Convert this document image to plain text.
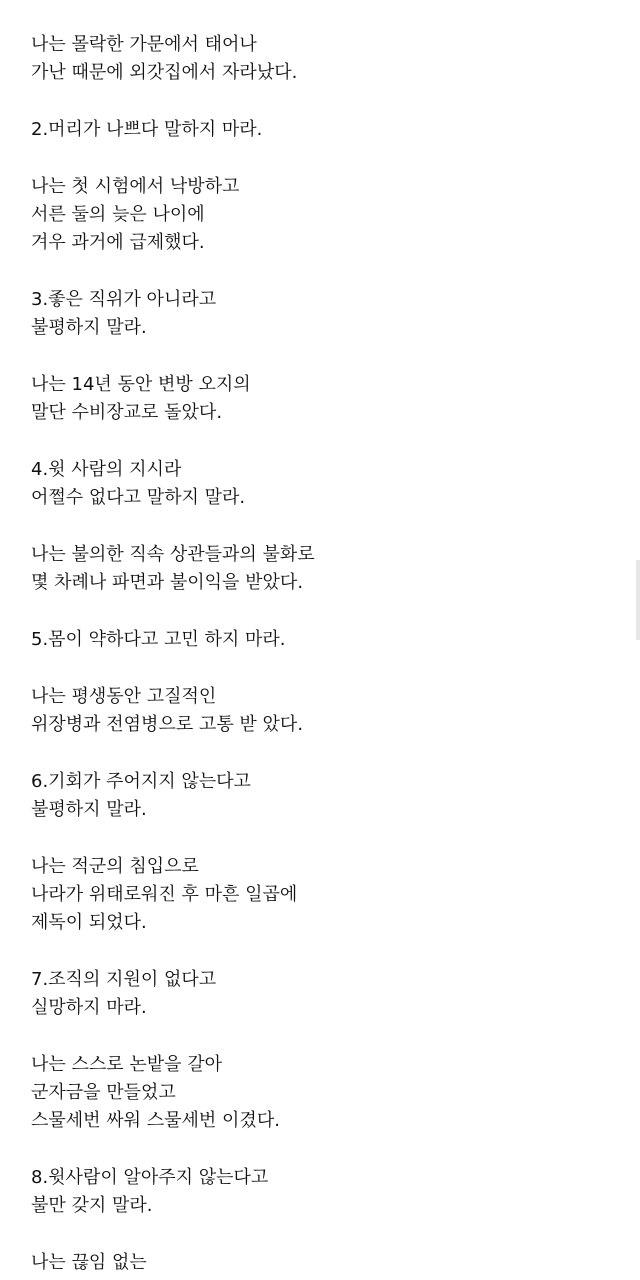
나는 몰락한 가문에서 태어나
가난 때문에 외갓집에서 자라났다.
2.머리가 나쁘다 말하지 마라.
나는 첫 시험에서 낙방하고
서른 둘의 늦은 나이에
겨우 과거에 급제했다.
3.좋은 직위가 아니라고
불평하지 말라.
나는 14년 동안 변방 오지의
말단 수비장교로 돌았다.
4.윗 사람의 지시라
어쩔수 없다고 말하지 말라.
나는 불의한 직속 상관들과의 불화로
몇 차례나 파면과 불이익을 받았다.
5.몸이 약하다고 고민 하지 마라.
나는 평생동안 고질적인
위장병과 전염병으로 고통 받 았다.
6.기회가 주어지지 않는다고
불평하지 말라.
나는 적군의 침입으로
나라가 위태로워진 후 마흔 일곱에
제독이 되었다.
7.조직의 지원이 없다고
실망하지 마라.
나는 스스로 논밭을 갈아
군자금을 만들었고
스물세번 싸워 스물세번 이겼다.
8.윗사람이 알아주지 않는다고
불만 갖지 말라.
나는 끊임 없는
